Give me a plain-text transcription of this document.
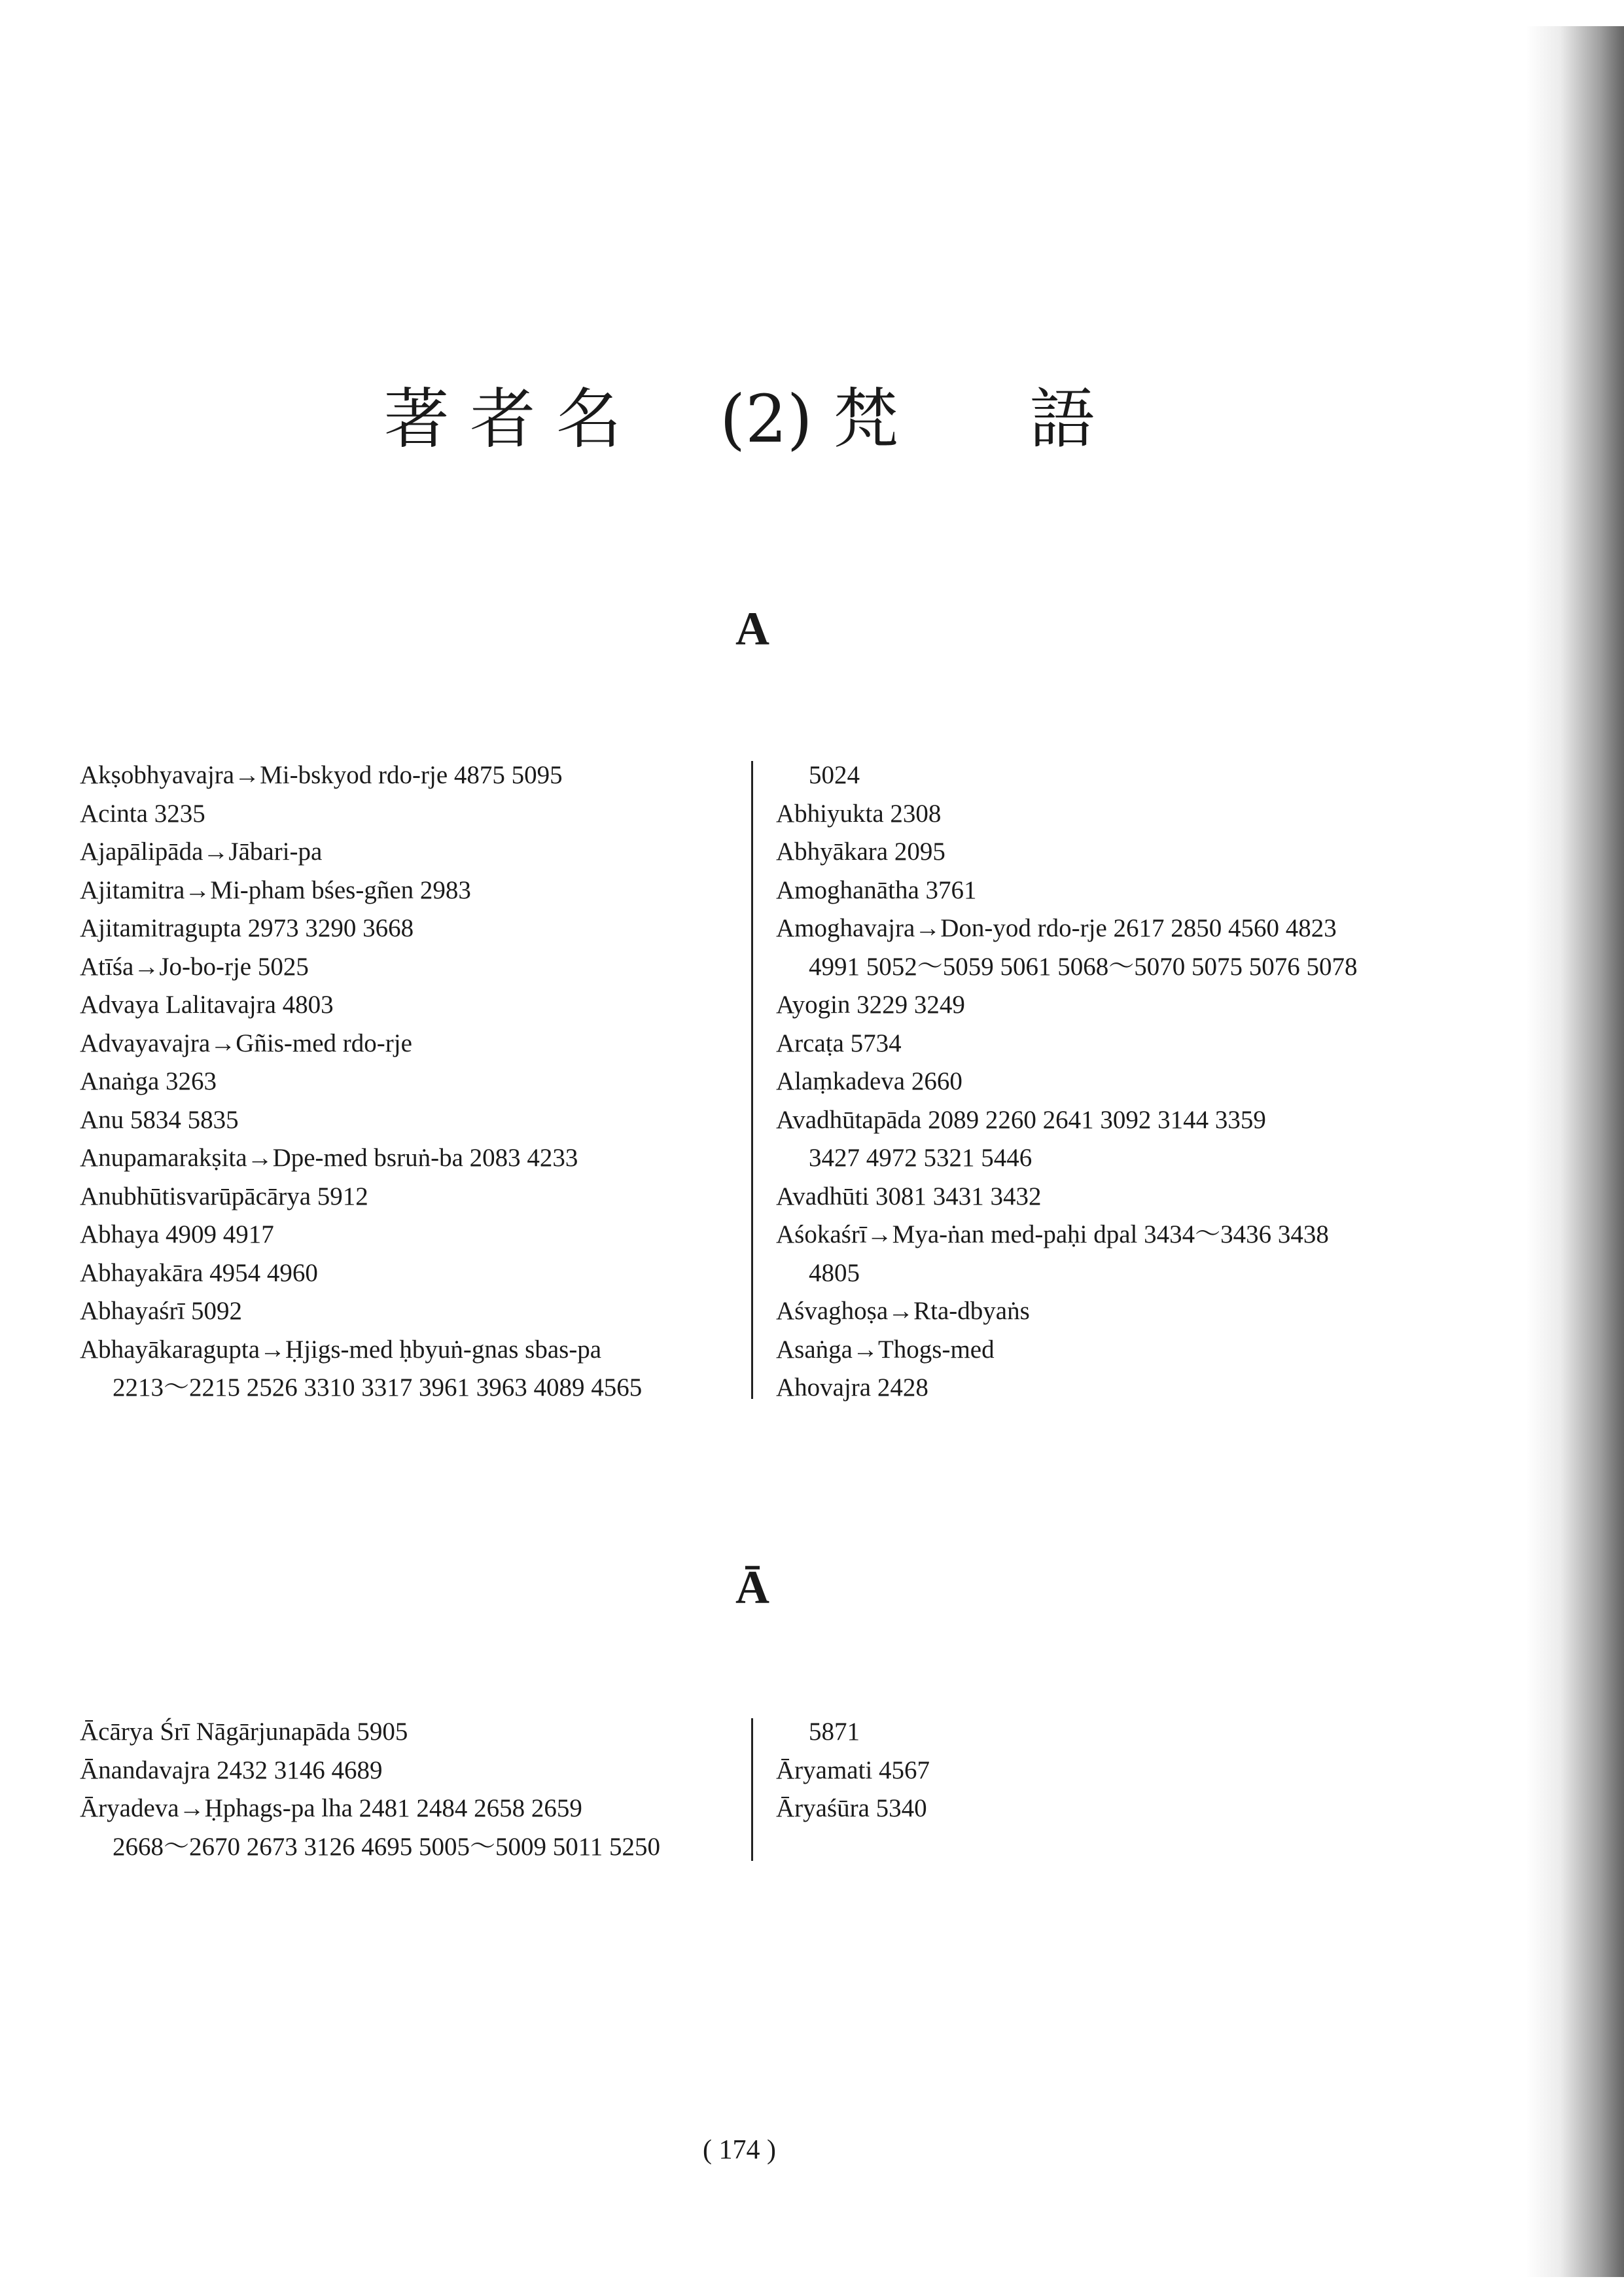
著 者 名 (2) 梵　　語
A
Akṣobhyavajra→Mi-bskyod rdo-rje 4875 5095
Acinta 3235
Ajapālipāda→Jābari-pa
Ajitamitra→Mi-pham bśes-gñen 2983
Ajitamitragupta 2973 3290 3668
Atīśa→Jo-bo-rje 5025
Advaya Lalitavajra 4803
Advayavajra→Gñis-med rdo-rje
Anaṅga 3263
Anu 5834 5835
Anupamarakṣita→Dpe-med bsruṅ-ba 2083 4233
Anubhūtisvarūpācārya 5912
Abhaya 4909 4917
Abhayakāra 4954 4960
Abhayaśrī 5092
Abhayākaragupta→Ḥjigs-med ḥbyuṅ-gnas sbas-pa
2213～2215 2526 3310 3317 3961 3963 4089 4565
5024
Abhiyukta 2308
Abhyākara 2095
Amoghanātha 3761
Amoghavajra→Don-yod rdo-rje 2617 2850 4560 4823
4991 5052～5059 5061 5068～5070 5075 5076 5078
Ayogin 3229 3249
Arcaṭa 5734
Alaṃkadeva 2660
Avadhūtapāda 2089 2260 2641 3092 3144 3359
3427 4972 5321 5446
Avadhūti 3081 3431 3432
Aśokaśrī→Mya-ṅan med-paḥi dpal 3434～3436 3438
4805
Aśvaghoṣa→Rta-dbyaṅs
Asaṅga→Thogs-med
Ahovajra 2428
Ā
Ācārya Śrī Nāgārjunapāda 5905
Ānandavajra 2432 3146 4689
Āryadeva→Ḥphags-pa lha 2481 2484 2658 2659
2668～2670 2673 3126 4695 5005～5009 5011 5250
5871
Āryamati 4567
Āryaśūra 5340
( 174 )
